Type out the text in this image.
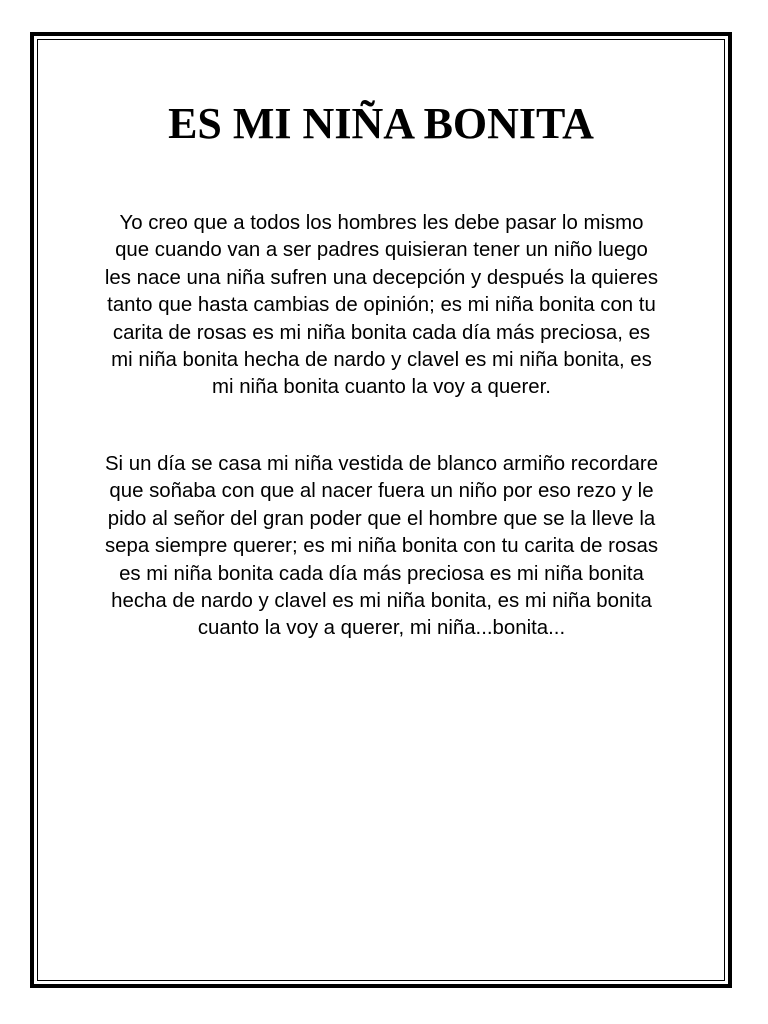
ES MI NIÑA BONITA

Yo creo que a todos los hombres les debe pasar lo mismo que cuando van a ser padres quisieran tener un niño luego les nace una niña sufren una decepción y después la quieres tanto que hasta cambias de opinión; es mi niña bonita con tu carita de rosas es mi niña bonita cada día más preciosa, es mi niña bonita hecha de nardo y clavel es mi niña bonita, es mi niña bonita cuanto la voy a querer.

Si un día se casa mi niña vestida de blanco armiño recordare que soñaba con que al nacer fuera un niño por eso rezo y le pido al señor del gran poder que el hombre que se la lleve la sepa siempre querer; es mi niña bonita con tu carita de rosas es mi niña bonita cada día más preciosa es mi niña bonita hecha de nardo y clavel es mi niña bonita, es mi niña bonita cuanto la voy a querer, mi niña...bonita...
